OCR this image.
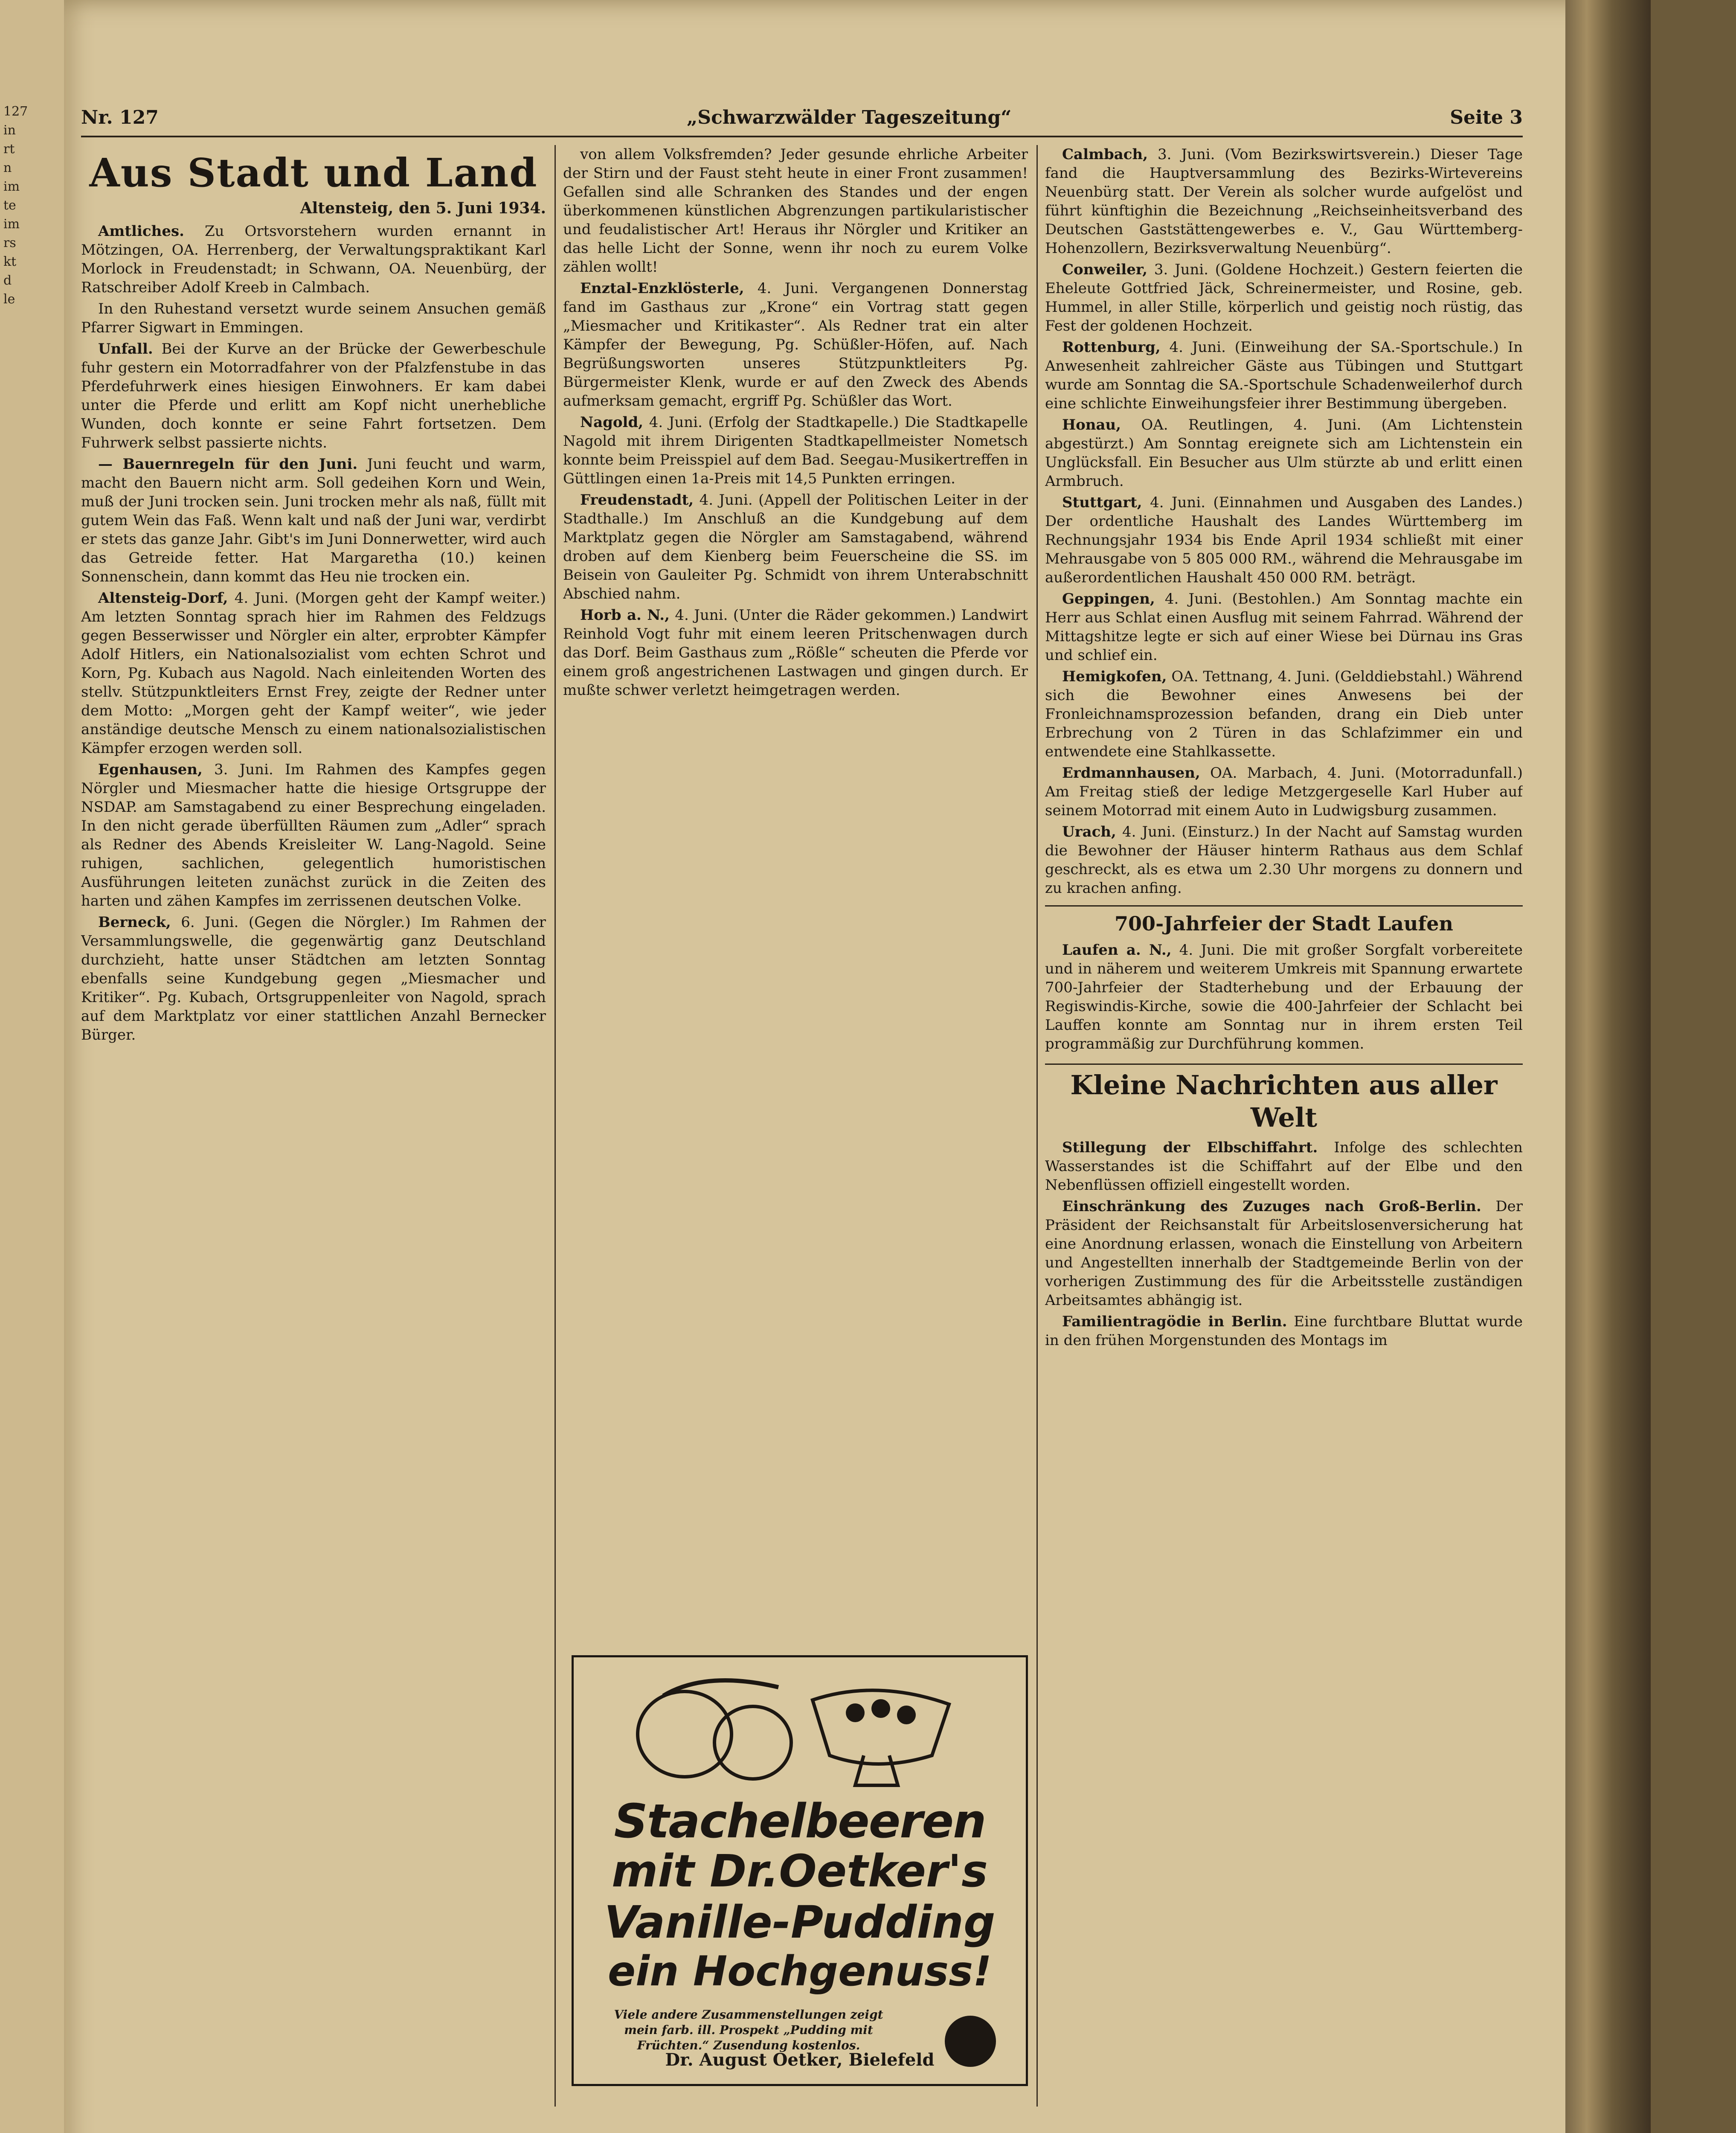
127
in
rt
n
im
te
im
rs
kt
d
le
Nr. 127	„Schwarzwälder Tageszeitung“	Seite 3
Aus Stadt und Land
Altensteig, den 5. Juni 1934.

Amtliches. Zu Ortsvorstehern wurden ernannt in Mötzingen, OA. Herrenberg, der Verwaltungspraktikant Karl Morlock in Freudenstadt; in Schwann, OA. Neuenbürg, der Ratschreiber Adolf Kreeb in Calmbach.

In den Ruhestand versetzt wurde seinem Ansuchen gemäß Pfarrer Sigwart in Emmingen.

Unfall. Bei der Kurve an der Brücke der Gewerbeschule fuhr gestern ein Motorradfahrer von der Pfalzfenstube in das Pferdefuhrwerk eines hiesigen Einwohners. Er kam dabei unter die Pferde und erlitt am Kopf nicht unerhebliche Wunden, doch konnte er seine Fahrt fortsetzen. Dem Fuhrwerk selbst passierte nichts.

— Bauernregeln für den Juni. Juni feucht und warm, macht den Bauern nicht arm. Soll gedeihen Korn und Wein, muß der Juni trocken sein. Juni trocken mehr als naß, füllt mit gutem Wein das Faß. Wenn kalt und naß der Juni war, verdirbt er stets das ganze Jahr. Gibt's im Juni Donnerwetter, wird auch das Getreide fetter. Hat Margaretha (10.) keinen Sonnenschein, dann kommt das Heu nie trocken ein.

Altensteig-Dorf, 4. Juni. (Morgen geht der Kampf weiter.) Am letzten Sonntag sprach hier im Rahmen des Feldzugs gegen Besserwisser und Nörgler ein alter, erprobter Kämpfer Adolf Hitlers, ein Nationalsozialist vom echten Schrot und Korn, Pg. Kubach aus Nagold. Nach einleitenden Worten des stellv. Stützpunktleiters Ernst Frey, zeigte der Redner unter dem Motto: „Morgen geht der Kampf weiter“, wie jeder anständige deutsche Mensch zu einem nationalsozialistischen Kämpfer erzogen werden soll.

Egenhausen, 3. Juni. Im Rahmen des Kampfes gegen Nörgler und Miesmacher hatte die hiesige Ortsgruppe der NSDAP. am Samstagabend zu einer Besprechung eingeladen. In den nicht gerade überfüllten Räumen zum „Adler“ sprach als Redner des Abends Kreisleiter W. Lang-Nagold. Seine ruhigen, sachlichen, gelegentlich humoristischen Ausführungen leiteten zunächst zurück in die Zeiten des harten und zähen Kampfes im zerrissenen deutschen Volke.

Berneck, 6. Juni. (Gegen die Nörgler.) Im Rahmen der Versammlungswelle, die gegenwärtig ganz Deutschland durchzieht, hatte unser Städtchen am letzten Sonntag ebenfalls seine Kundgebung gegen „Miesmacher und Kritiker“. Pg. Kubach, Ortsgruppenleiter von Nagold, sprach auf dem Marktplatz vor einer stattlichen Anzahl Bernecker Bürger.

von allem Volksfremden? Jeder gesunde ehrliche Arbeiter der Stirn und der Faust steht heute in einer Front zusammen! Gefallen sind alle Schranken des Standes und der engen überkommenen künstlichen Abgrenzungen partikularistischer und feudalistischer Art! Heraus ihr Nörgler und Kritiker an das helle Licht der Sonne, wenn ihr noch zu eurem Volke zählen wollt!

Enztal-Enzklösterle, 4. Juni. Vergangenen Donnerstag fand im Gasthaus zur „Krone“ ein Vortrag statt gegen „Miesmacher und Kritikaster“. Als Redner trat ein alter Kämpfer der Bewegung, Pg. Schüßler-Höfen, auf. Nach Begrüßungsworten unseres Stützpunktleiters Pg. Bürgermeister Klenk, wurde er auf den Zweck des Abends aufmerksam gemacht, ergriff Pg. Schüßler das Wort.

Nagold, 4. Juni. (Erfolg der Stadtkapelle.) Die Stadtkapelle Nagold mit ihrem Dirigenten Stadtkapellmeister Nometsch konnte beim Preisspiel auf dem Bad. Seegau-Musikertreffen in Güttlingen einen 1a-Preis mit 14,5 Punkten erringen.

Freudenstadt, 4. Juni. (Appell der Politischen Leiter in der Stadthalle.) Im Anschluß an die Kundgebung auf dem Marktplatz gegen die Nörgler am Samstagabend, während droben auf dem Kienberg beim Feuerscheine die SS. im Beisein von Gauleiter Pg. Schmidt von ihrem Unterabschnitt Abschied nahm.

Horb a. N., 4. Juni. (Unter die Räder gekommen.) Landwirt Reinhold Vogt fuhr mit einem leeren Pritschenwagen durch das Dorf. Beim Gasthaus zum „Rößle“ scheuten die Pferde vor einem groß angestrichenen Lastwagen und gingen durch. Er mußte schwer verletzt heimgetragen werden.

Calmbach, 3. Juni. (Vom Bezirkswirtsverein.) Dieser Tage fand die Hauptversammlung des Bezirks-Wirtevereins Neuenbürg statt. Der Verein als solcher wurde aufgelöst und führt künftighin die Bezeichnung „Reichseinheitsverband des Deutschen Gaststättengewerbes e. V., Gau Württemberg-Hohenzollern, Bezirksverwaltung Neuenbürg“.

Conweiler, 3. Juni. (Goldene Hochzeit.) Gestern feierten die Eheleute Gottfried Jäck, Schreinermeister, und Rosine, geb. Hummel, in aller Stille, körperlich und geistig noch rüstig, das Fest der goldenen Hochzeit.

Rottenburg, 4. Juni. (Einweihung der SA.-Sportschule.) In Anwesenheit zahlreicher Gäste aus Tübingen und Stuttgart wurde am Sonntag die SA.-Sportschule Schadenweilerhof durch eine schlichte Einweihungsfeier ihrer Bestimmung übergeben.

Honau, OA. Reutlingen, 4. Juni. (Am Lichtenstein abgestürzt.) Am Sonntag ereignete sich am Lichtenstein ein Unglücksfall. Ein Besucher aus Ulm stürzte ab und erlitt einen Armbruch.

Stuttgart, 4. Juni. (Einnahmen und Ausgaben des Landes.) Der ordentliche Haushalt des Landes Württemberg im Rechnungsjahr 1934 bis Ende April 1934 schließt mit einer Mehrausgabe von 5 805 000 RM., während die Mehrausgabe im außerordentlichen Haushalt 450 000 RM. beträgt.

Geppingen, 4. Juni. (Bestohlen.) Am Sonntag machte ein Herr aus Schlat einen Ausflug mit seinem Fahrrad. Während der Mittagshitze legte er sich auf einer Wiese bei Dürnau ins Gras und schlief ein.

Hemigkofen, OA. Tettnang, 4. Juni. (Gelddiebstahl.) Während sich die Bewohner eines Anwesens bei der Fronleichnamsprozession befanden, drang ein Dieb unter Erbrechung von 2 Türen in das Schlafzimmer ein und entwendete eine Stahlkassette.

Erdmannhausen, OA. Marbach, 4. Juni. (Motorradunfall.) Am Freitag stieß der ledige Metzgergeselle Karl Huber auf seinem Motorrad mit einem Auto in Ludwigsburg zusammen.

Urach, 4. Juni. (Einsturz.) In der Nacht auf Samstag wurden die Bewohner der Häuser hinterm Rathaus aus dem Schlaf geschreckt, als es etwa um 2.30 Uhr morgens zu donnern und zu krachen anfing.

700-Jahrfeier der Stadt Laufen

Laufen a. N., 4. Juni. Die mit großer Sorgfalt vorbereitete und in näherem und weiterem Umkreis mit Spannung erwartete 700-Jahrfeier der Stadterhebung und der Erbauung der Regiswindis-Kirche, sowie die 400-Jahrfeier der Schlacht bei Lauffen konnte am Sonntag nur in ihrem ersten Teil programmäßig zur Durchführung kommen.

Kleine Nachrichten aus aller Welt

Stillegung der Elbschiffahrt. Infolge des schlechten Wasserstandes ist die Schiffahrt auf der Elbe und den Nebenflüssen offiziell eingestellt worden.

Einschränkung des Zuzuges nach Groß-Berlin. Der Präsident der Reichsanstalt für Arbeitslosenversicherung hat eine Anordnung erlassen, wonach die Einstellung von Arbeitern und Angestellten innerhalb der Stadtgemeinde Berlin von der vorherigen Zustimmung des für die Arbeitsstelle zuständigen Arbeitsamtes abhängig ist.

Familientragödie in Berlin. Eine furchtbare Bluttat wurde in den frühen Morgenstunden des Montags im

Stachelbeeren
mit Dr.Oetker's
Vanille-Pudding
ein Hochgenuss!
Viele andere Zusammenstellungen zeigt mein farb. ill. Prospekt „Pudding mit Früchten.“ Zusendung kostenlos.
Dr. August Oetker, Bielefeld
